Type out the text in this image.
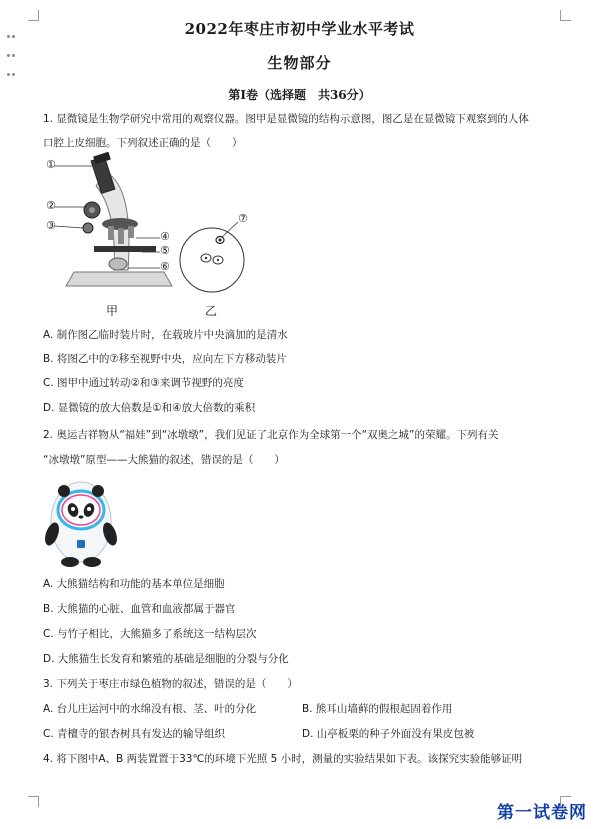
2022年枣庄市初中学业水平考试
生物部分
第Ⅰ卷（选择题　共36分）
1. 显微镜是生物学研究中常用的观察仪器。图甲是显微镜的结构示意图，图乙是在显微镜下观察到的人体
口腔上皮细胞。下列叙述正确的是（　　）
①
②
③
④
⑤
⑥
甲
⑦
乙
A. 制作图乙临时装片时，在载玻片中央滴加的是清水
B. 将图乙中的⑦移至视野中央，应向左下方移动装片
C. 图甲中通过转动②和③来调节视野的亮度
D. 显微镜的放大倍数是①和④放大倍数的乘积
2. 奥运吉祥物从“福娃”到“冰墩墩”，我们见证了北京作为全球第一个“双奥之城”的荣耀。下列有关
“冰墩墩”原型——大熊猫的叙述，错误的是（　　）
A. 大熊猫结构和功能的基本单位是细胞
B. 大熊猫的心脏、血管和血液都属于器官
C. 与竹子相比，大熊猫多了系统这一结构层次
D. 大熊猫生长发育和繁殖的基础是细胞的分裂与分化
3. 下列关于枣庄市绿色植物的叙述，错误的是（　　）
A. 台儿庄运河中的水绵没有根、茎、叶的分化	B. 熊耳山墙藓的假根起固着作用
C. 青檀寺的银杏树具有发达的输导组织	D. 山亭板栗的种子外面没有果皮包被
4. 将下图中A、B 两装置置于33℃的环境下光照 5 小时，测量的实验结果如下表。该探究实验能够证明
第一试卷网
